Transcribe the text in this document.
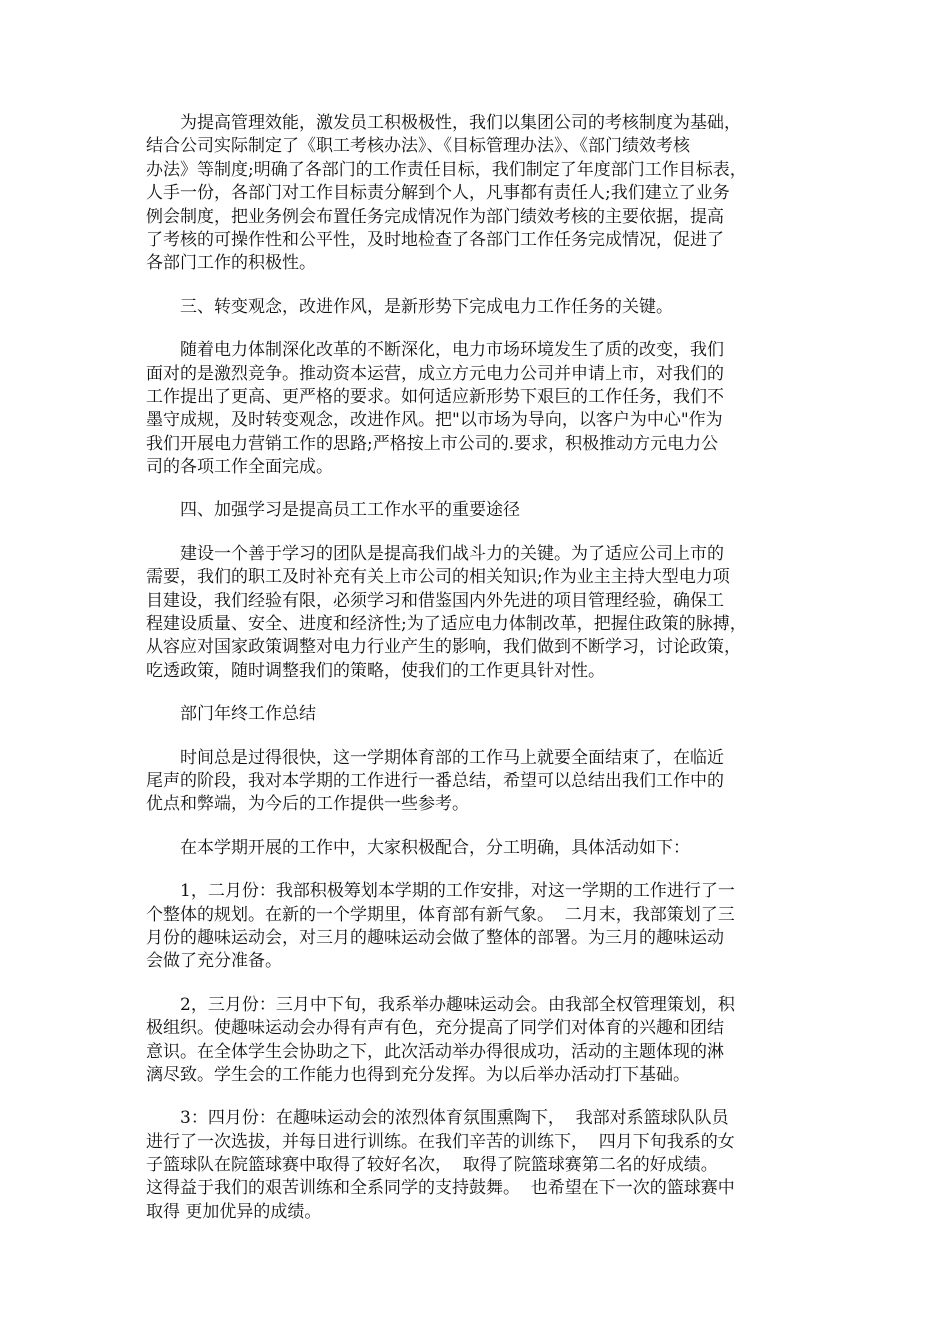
为提高管理效能，激发员工积极极性，我们以集团公司的考核制度为基础，
结合公司实际制定了《职工考核办法》、《目标管理办法》、《部门绩效考核
办法》等制度;明确了各部门的工作责任目标，我们制定了年度部门工作目标表，
人手一份，各部门对工作目标责分解到个人，凡事都有责任人;我们建立了业务
例会制度，把业务例会布置任务完成情况作为部门绩效考核的主要依据，提高
了考核的可操作性和公平性，及时地检查了各部门工作任务完成情况，促进了
各部门工作的积极性。

三、转变观念，改进作风，是新形势下完成电力工作任务的关键。

随着电力体制深化改革的不断深化，电力市场环境发生了质的改变，我们
面对的是激烈竞争。推动资本运营，成立方元电力公司并申请上市，对我们的
工作提出了更高、更严格的要求。如何适应新形势下艰巨的工作任务，我们不
墨守成规，及时转变观念，改进作风。把"以市场为导向，以客户为中心"作为
我们开展电力营销工作的思路;严格按上市公司的.要求，积极推动方元电力公
司的各项工作全面完成。

四、加强学习是提高员工工作水平的重要途径

建设一个善于学习的团队是提高我们战斗力的关键。为了适应公司上市的
需要，我们的职工及时补充有关上市公司的相关知识;作为业主主持大型电力项
目建设，我们经验有限，必须学习和借鉴国内外先进的项目管理经验，确保工
程建设质量、安全、进度和经济性;为了适应电力体制改革，把握住政策的脉搏，
从容应对国家政策调整对电力行业产生的影响，我们做到不断学习，讨论政策，
吃透政策，随时调整我们的策略，使我们的工作更具针对性。

部门年终工作总结

时间总是过得很快，这一学期体育部的工作马上就要全面结束了，在临近
尾声的阶段，我对本学期的工作进行一番总结，希望可以总结出我们工作中的
优点和弊端，为今后的工作提供一些参考。

在本学期开展的工作中，大家积极配合，分工明确，具体活动如下：

1，二月份：我部积极筹划本学期的工作安排，对这一学期的工作进行了一
个整体的规划。在新的一个学期里，体育部有新气象。  二月末，我部策划了三
月份的趣味运动会，对三月的趣味运动会做了整体的部署。为三月的趣味运动
会做了充分准备。

2，三月份：三月中下旬，我系举办趣味运动会。由我部全权管理策划，积
极组织。使趣味运动会办得有声有色，充分提高了同学们对体育的兴趣和团结
意识。在全体学生会协助之下，此次活动举办得很成功，活动的主题体现的淋
漓尽致。学生会的工作能力也得到充分发挥。为以后举办活动打下基础。

3：四月份：在趣味运动会的浓烈体育氛围熏陶下，  我部对系篮球队队员
进行了一次选拔，并每日进行训练。在我们辛苦的训练下，  四月下旬我系的女
子篮球队在院篮球赛中取得了较好名次，  取得了院篮球赛第二名的好成绩。
这得益于我们的艰苦训练和全系同学的支持鼓舞。  也希望在下一次的篮球赛中
取得 更加优异的成绩。
